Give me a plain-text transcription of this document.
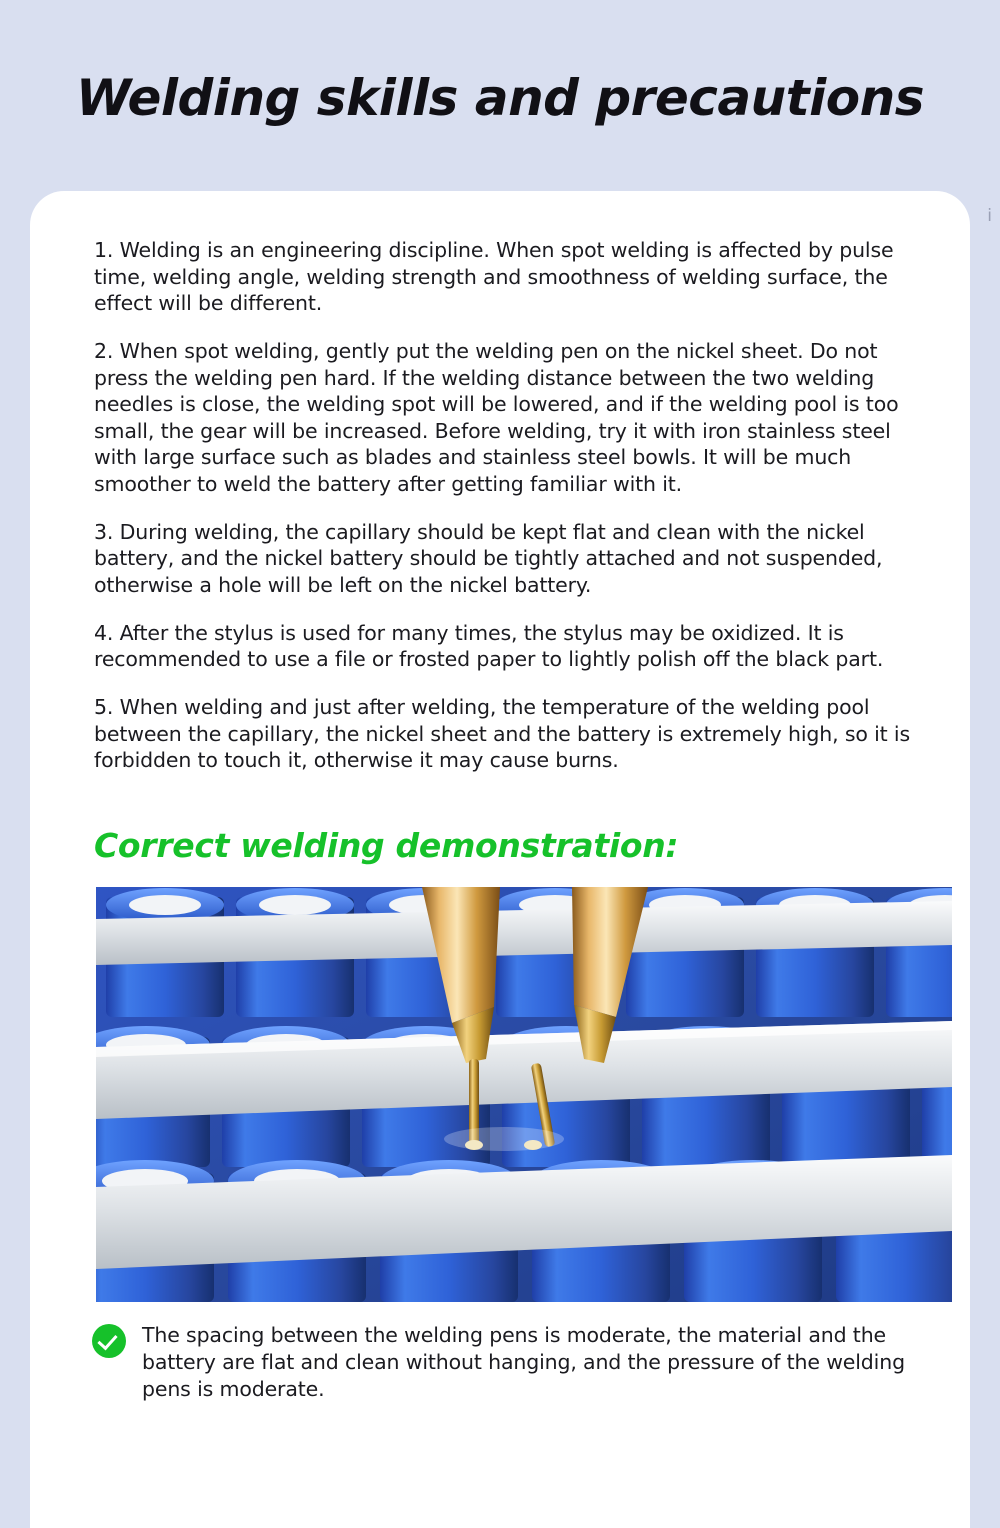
Welding skills and precautions
i

1. Welding is an engineering discipline. When spot welding is affected by pulse time, welding angle, welding strength and smoothness of welding surface, the effect will be different.

2. When spot welding, gently put the welding pen on the nickel sheet. Do not press the welding pen hard. If the welding distance between the two welding needles is close, the welding spot will be lowered, and if the welding pool is too small, the gear will be increased. Before welding, try it with iron stainless steel with large surface such as blades and stainless steel bowls. It will be much smoother to weld the battery after getting familiar with it.

3. During welding, the capillary should be kept flat and clean with the nickel battery, and the nickel battery should be tightly attached and not suspended, otherwise a hole will be left on the nickel battery.

4. After the stylus is used for many times, the stylus may be oxidized. It is recommended to use a file or frosted paper to lightly polish off the black part.

5. When welding and just after welding, the temperature of the welding pool between the capillary, the nickel sheet and the battery is extremely high, so it is forbidden to touch it, otherwise it may cause burns.

Correct welding demonstration:
The spacing between the welding pens is moderate, the material and the battery are flat and clean without hanging, and the pressure of the welding pens is moderate.
